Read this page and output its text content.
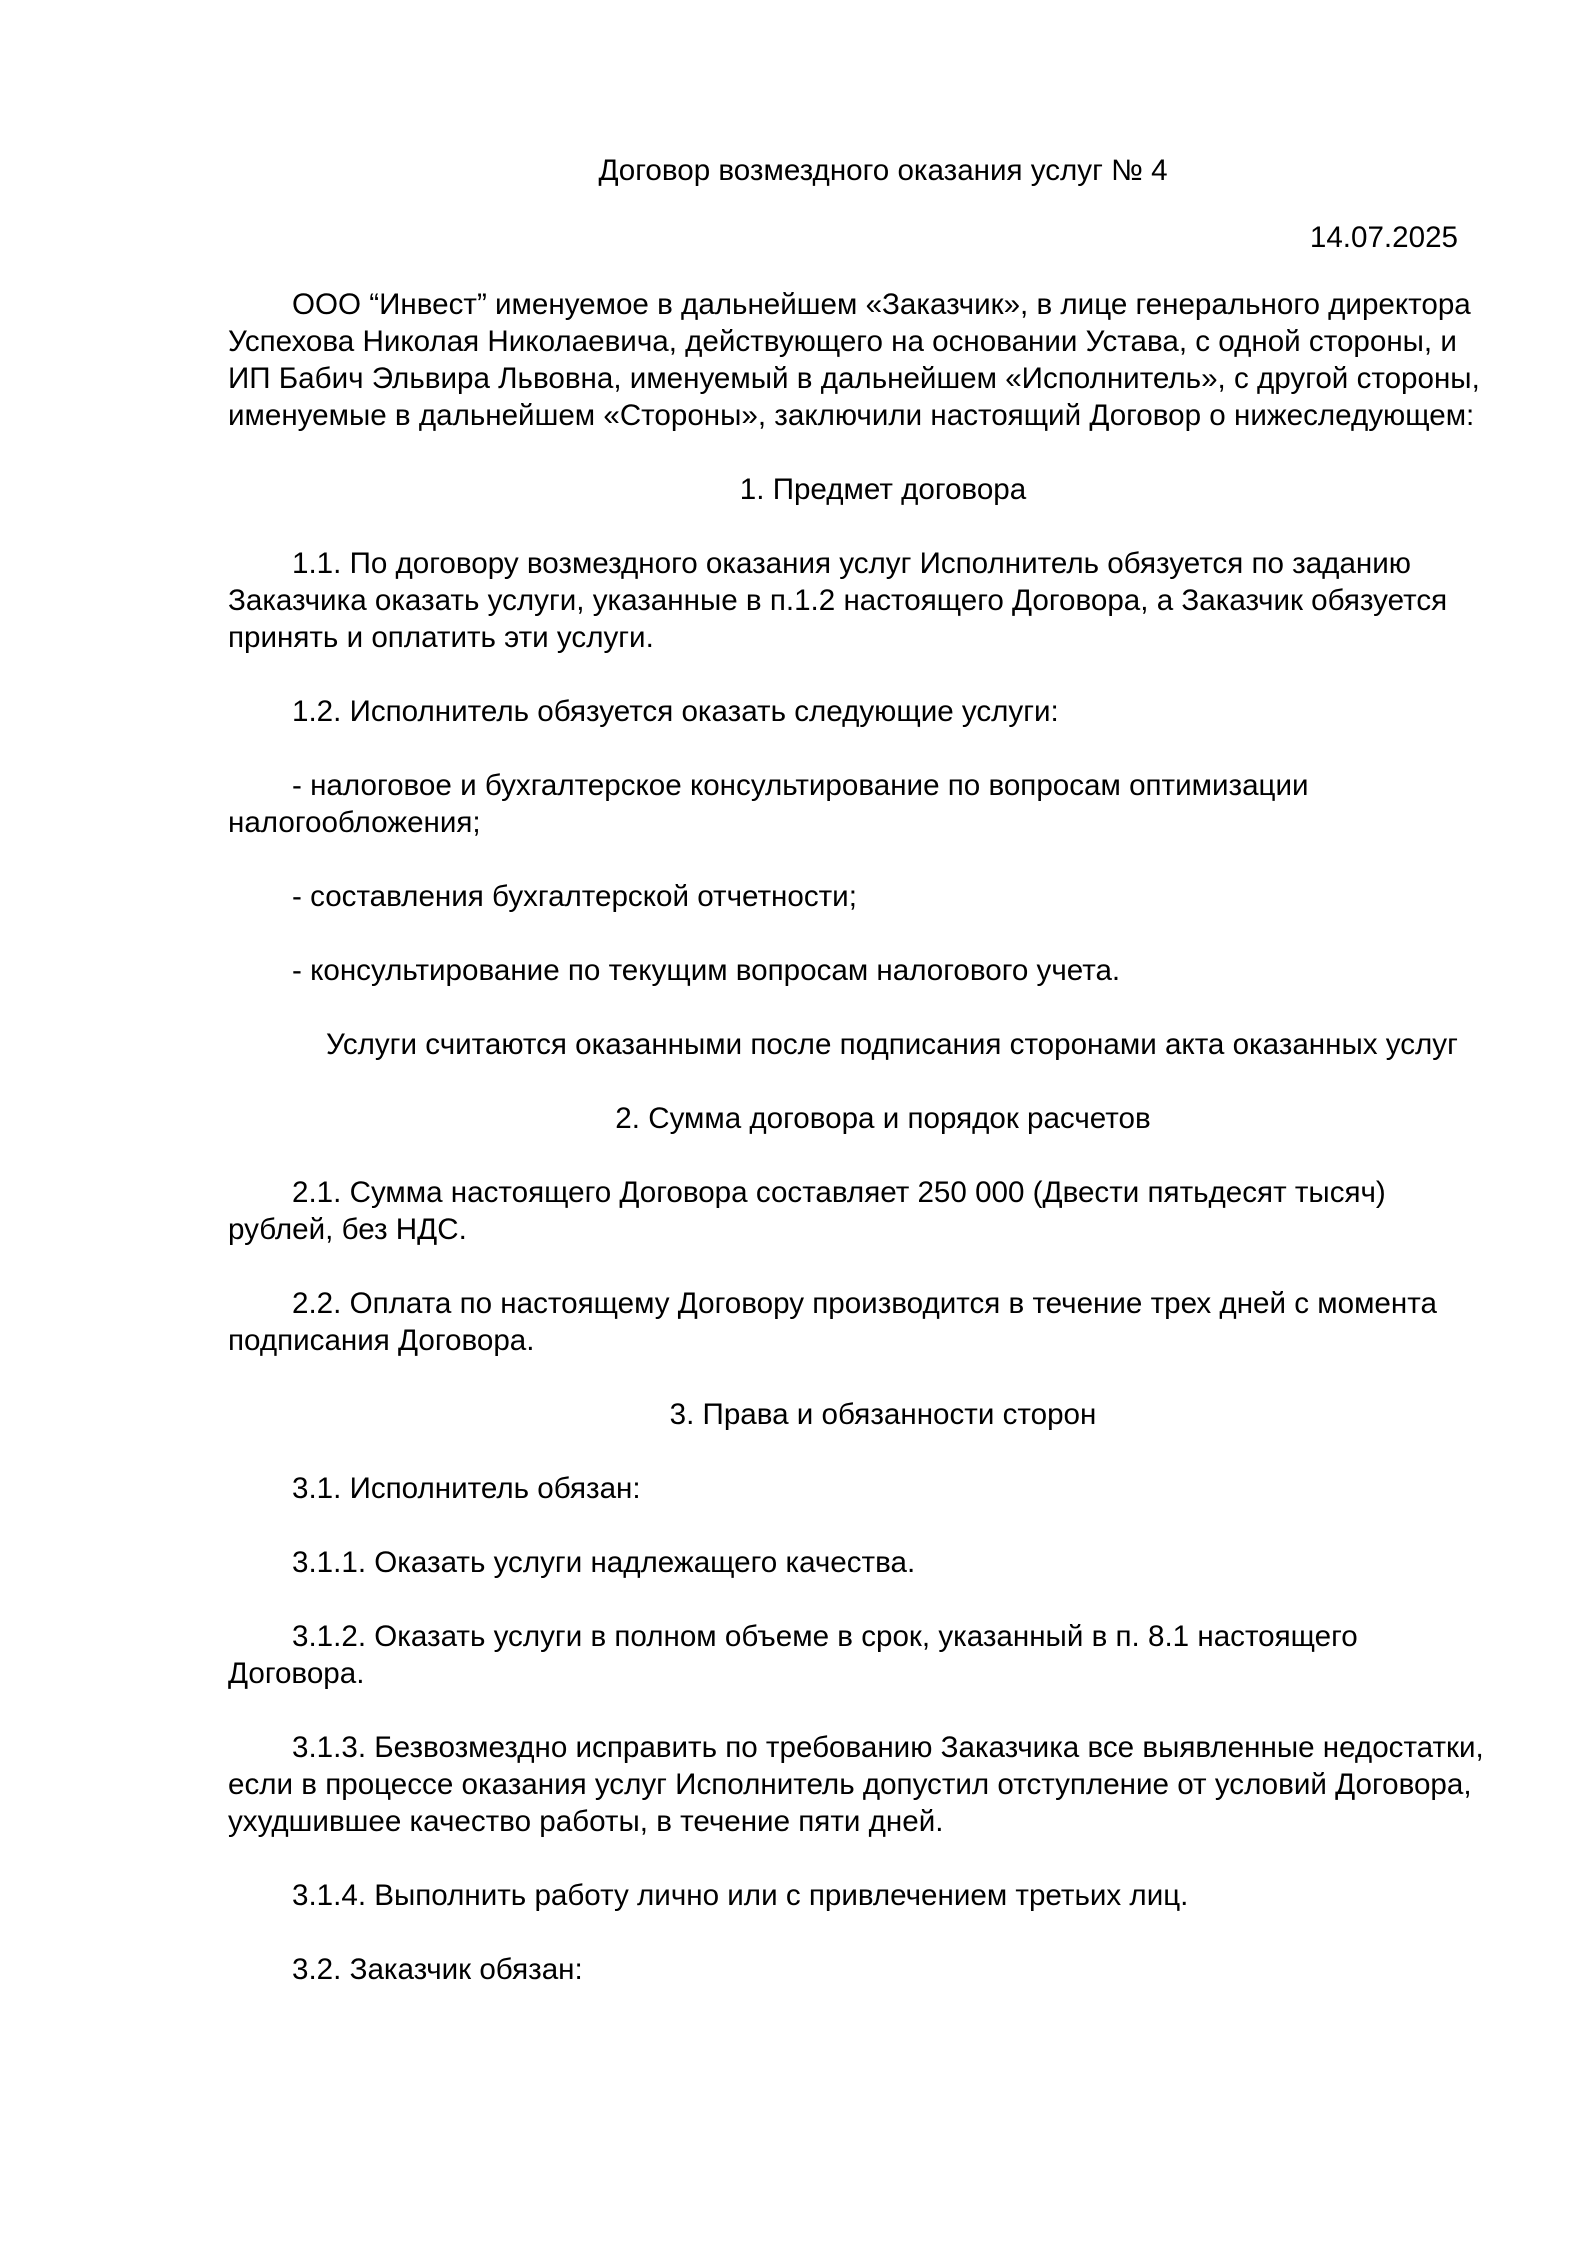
Договор возмездного оказания услуг № 4

14.07.2025

ООО “Инвест” именуемое в дальнейшем «Заказчик», в лице генерального директора Успехова Николая Николаевича, действующего на основании Устава, с одной стороны, и ИП Бабич Эльвира Львовна, именуемый в дальнейшем «Исполнитель», с другой стороны, именуемые в дальнейшем «Стороны», заключили настоящий Договор о нижеследующем:

1. Предмет договора

1.1. По договору возмездного оказания услуг Исполнитель обязуется по заданию Заказчика оказать услуги, указанные в п.1.2 настоящего Договора, а Заказчик обязуется принять и оплатить эти услуги.

1.2. Исполнитель обязуется оказать следующие услуги:

- налоговое и бухгалтерское консультирование по вопросам оптимизации налогообложения;

- составления бухгалтерской отчетности;

- консультирование по текущим вопросам налогового учета.

Услуги считаются оказанными после подписания сторонами акта оказанных услуг

2. Сумма договора и порядок расчетов

2.1. Сумма настоящего Договора составляет 250 000 (Двести пятьдесят тысяч) рублей, без НДС.

2.2. Оплата по настоящему Договору производится в течение трех дней с момента подписания Договора.

3. Права и обязанности сторон

3.1. Исполнитель обязан:

3.1.1. Оказать услуги надлежащего качества.

3.1.2. Оказать услуги в полном объеме в срок, указанный в п. 8.1 настоящего Договора.

3.1.3. Безвозмездно исправить по требованию Заказчика все выявленные недостатки, если в процессе оказания услуг Исполнитель допустил отступление от условий Договора, ухудшившее качество работы, в течение пяти дней.

3.1.4. Выполнить работу лично или с привлечением третьих лиц.

3.2. Заказчик обязан:
